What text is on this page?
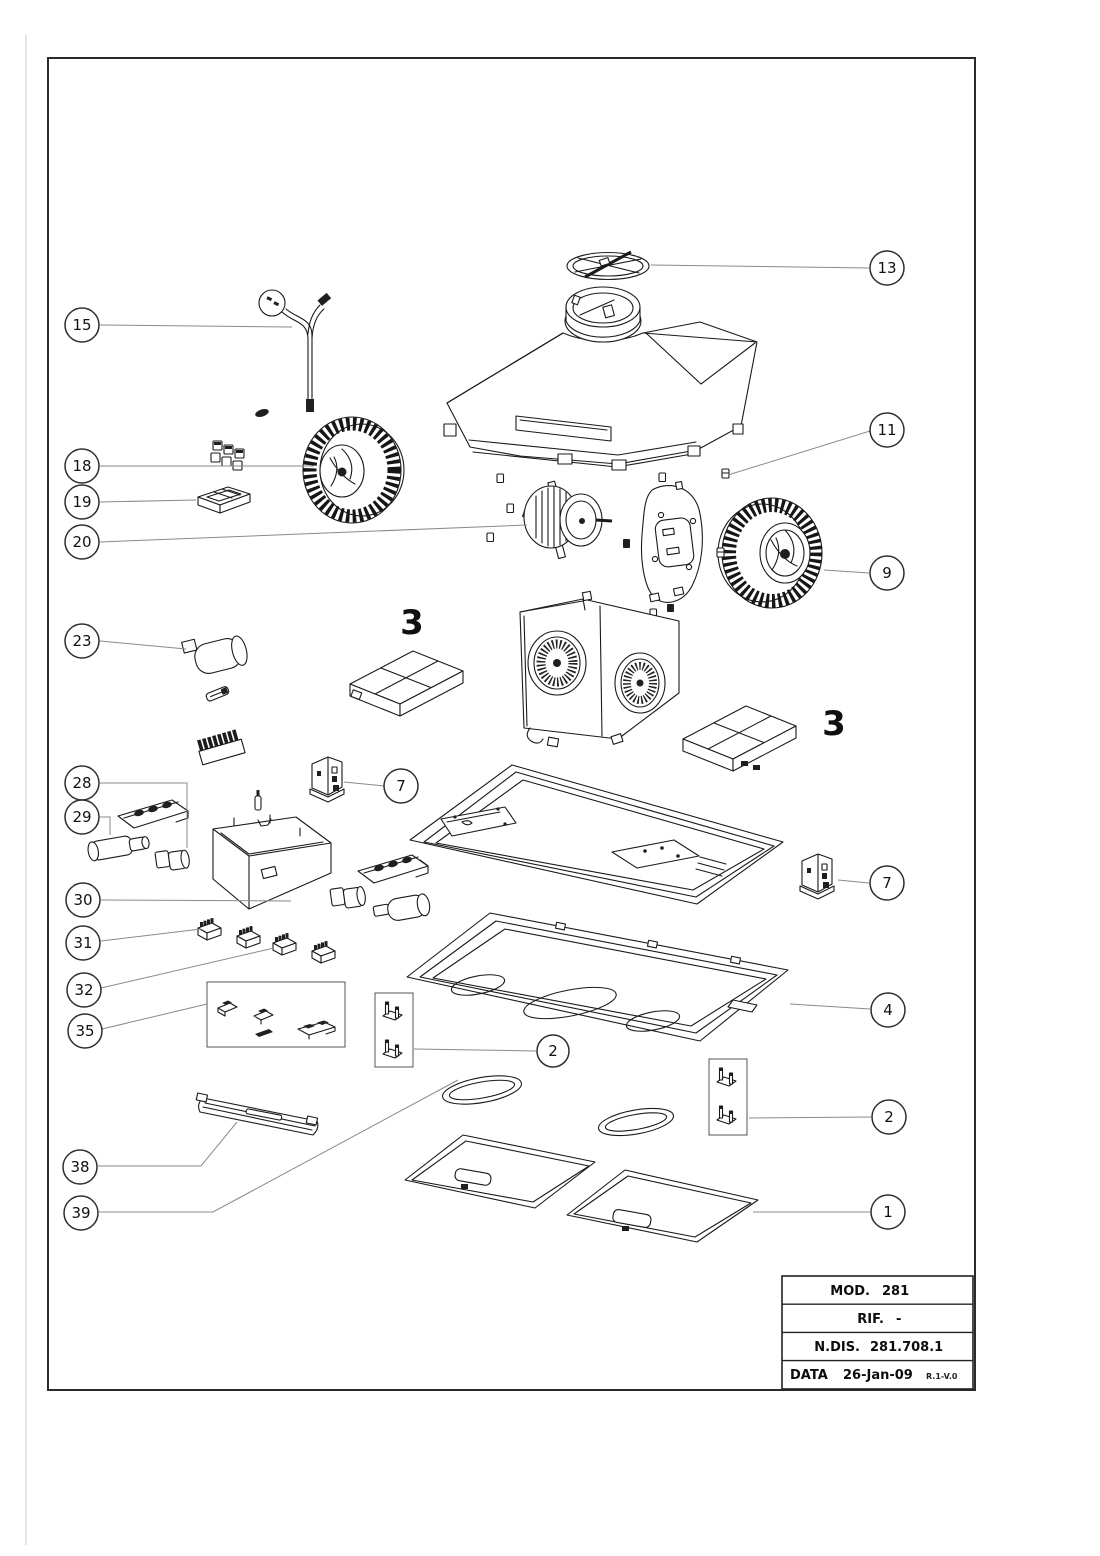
3
3
15
18
19
20
23
28
29
30
31
32
35
38
39
13
11
9
7
4
2
1
7
2
MOD. 281
RIF. -
N.DIS. 281.708.1
DATA 26-Jan-09 R.1-V.0
